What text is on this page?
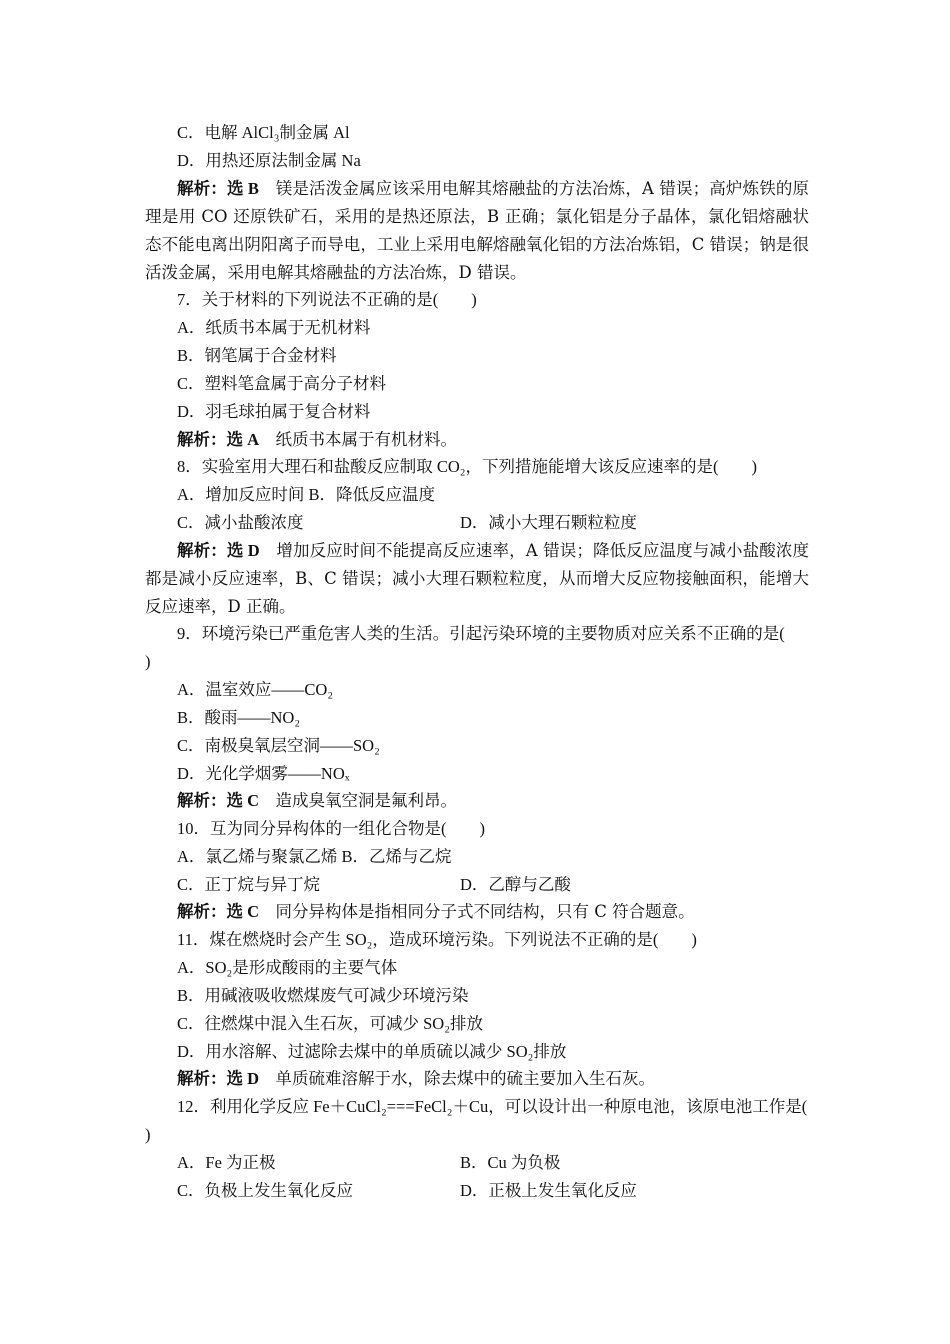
C．电解 AlCl₃制金属 Al
D．用热还原法制金属 Na
解析：选 B　镁是活泼金属应该采用电解其熔融盐的方法冶炼，A 错误；高炉炼铁的原理是用 CO 还原铁矿石，采用的是热还原法，B 正确；氯化铝是分子晶体，氯化铝熔融状态不能电离出阴阳离子而导电，工业上采用电解熔融氧化铝的方法冶炼铝，C 错误；钠是很活泼金属，采用电解其熔融盐的方法冶炼，D 错误。
7．关于材料的下列说法不正确的是(　　)
A．纸质书本属于无机材料
B．钢笔属于合金材料
C．塑料笔盒属于高分子材料
D．羽毛球拍属于复合材料
解析：选 A　纸质书本属于有机材料。
8．实验室用大理石和盐酸反应制取 CO₂，下列措施能增大该反应速率的是(　　)
A．增加反应时间 B．降低反应温度
C．减小盐酸浓度	D．减小大理石颗粒粒度
解析：选 D　增加反应时间不能提高反应速率，A 错误；降低反应温度与减小盐酸浓度都是减小反应速率，B、C 错误；减小大理石颗粒粒度，从而增大反应物接触面积，能增大反应速率，D 正确。
9．环境污染已严重危害人类的生活。引起污染环境的主要物质对应关系不正确的是(
)
A．温室效应——CO₂
B．酸雨——NO₂
C．南极臭氧层空洞——SO₂
D．光化学烟雾——NOₓ
解析：选 C　造成臭氧空洞是氟利昂。
10．互为同分异构体的一组化合物是(　　)
A．氯乙烯与聚氯乙烯 B．乙烯与乙烷
C．正丁烷与异丁烷	D．乙醇与乙酸
解析：选 C　同分异构体是指相同分子式不同结构，只有 C 符合题意。
11．煤在燃烧时会产生 SO₂，造成环境污染。下列说法不正确的是(　　)
A．SO₂是形成酸雨的主要气体
B．用碱液吸收燃煤废气可减少环境污染
C．往燃煤中混入生石灰，可减少 SO₂排放
D．用水溶解、过滤除去煤中的单质硫以减少 SO₂排放
解析：选 D　单质硫难溶解于水，除去煤中的硫主要加入生石灰。
12．利用化学反应 Fe＋CuCl₂===FeCl₂＋Cu，可以设计出一种原电池，该原电池工作是(
)
A．Fe 为正极	B．Cu 为负极
C．负极上发生氧化反应	D．正极上发生氧化反应
